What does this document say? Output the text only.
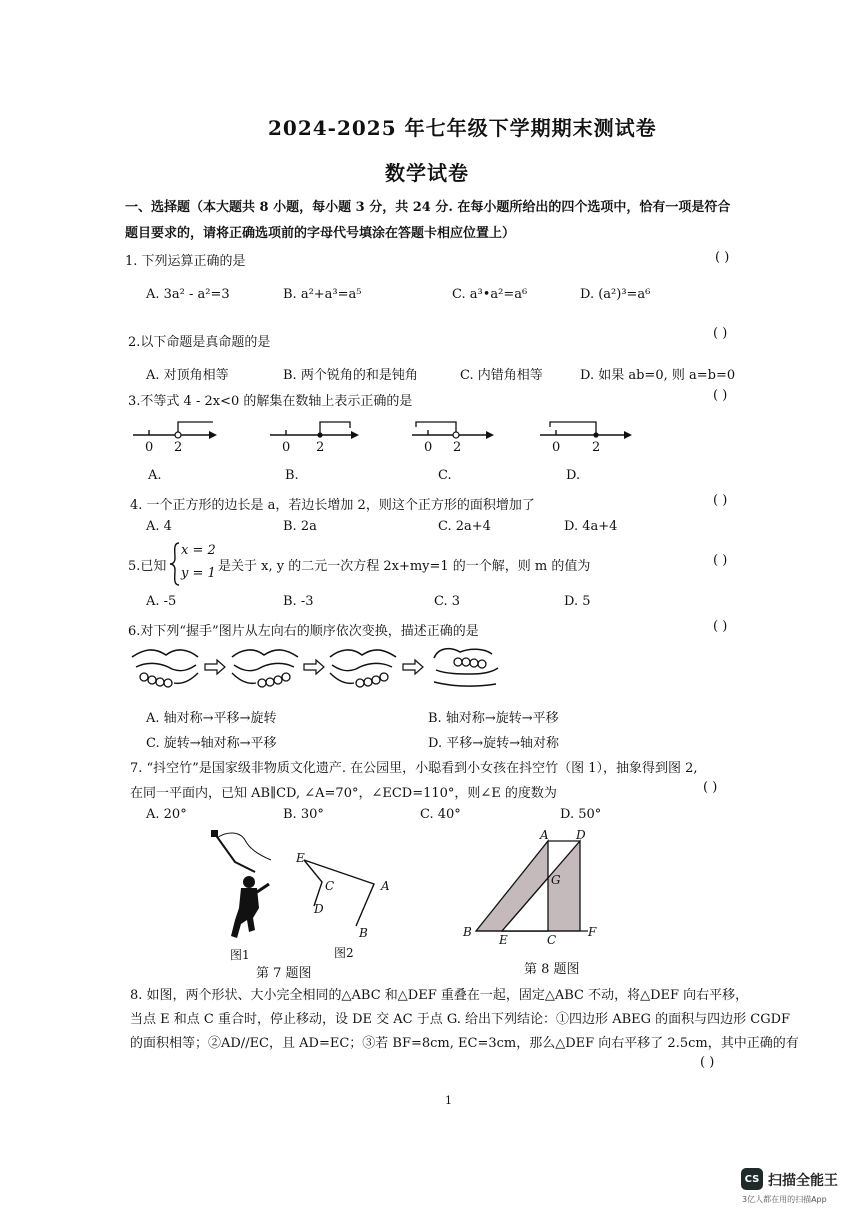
2024-2025 年七年级下学期期末测试卷
数学试卷
一、选择题（本大题共 8 小题，每小题 3 分，共 24 分. 在每小题所给出的四个选项中，恰有一项是符合
题目要求的，请将正确选项前的字母代号填涂在答题卡相应位置上）
1. 下列运算正确的是	( )
A. 3a² - a²=3	B. a²+a³=a⁵	C. a³•a²=a⁶	D. (a²)³=a⁶
2.以下命题是真命题的是
( )
A. 对顶角相等	B. 两个锐角的和是钝角	C. 内错角相等	D. 如果 ab=0, 则 a=b=0
3.不等式 4 - 2x<0 的解集在数轴上表示正确的是	( )
0 2
A.
0 2
B.
0 2
C.
0 2
D.
4. 一个正方形的边长是 a，若边长增加 2，则这个正方形的面积增加了	( )
A. 4	B. 2a	C. 2a+4	D. 4a+4
5.已知
x = 2
y = 1 是关于 x, y 的二元一次方程 2x+my=1 的一个解，则 m 的值为	( )
A. -5	B. -3	C. 3	D. 5
6.对下列“握手”图片从左向右的顺序依次变换，描述正确的是	( )
A. 轴对称→平移→旋转	B. 轴对称→旋转→平移
C. 旋转→轴对称→平移	D. 平移→旋转→轴对称
7. “抖空竹”是国家级非物质文化遗产. 在公园里，小聪看到小女孩在抖空竹（图 1），抽象得到图 2,
在同一平面内，已知 AB∥CD, ∠A=70°，∠ECD=110°，则∠E 的度数为	( )
A. 20°	B. 30°	C. 40°	D. 50°
E
C
D
A
B
图1	图2
第 7 题图
A D
G
B
E	C
F
第 8 题图
8. 如图，两个形状、大小完全相同的△ABC 和△DEF 重叠在一起，固定△ABC 不动，将△DEF 向右平移，
当点 E 和点 C 重合时，停止移动，设 DE 交 AC 于点 G. 给出下列结论：①四边形 ABEG 的面积与四边形 CGDF
的面积相等；②AD//EC，且 AD=EC；③若 BF=8cm, EC=3cm，那么△DEF 向右平移了 2.5cm，其中正确的有
( )
1
CS 扫描全能王
3亿人都在用的扫描App
